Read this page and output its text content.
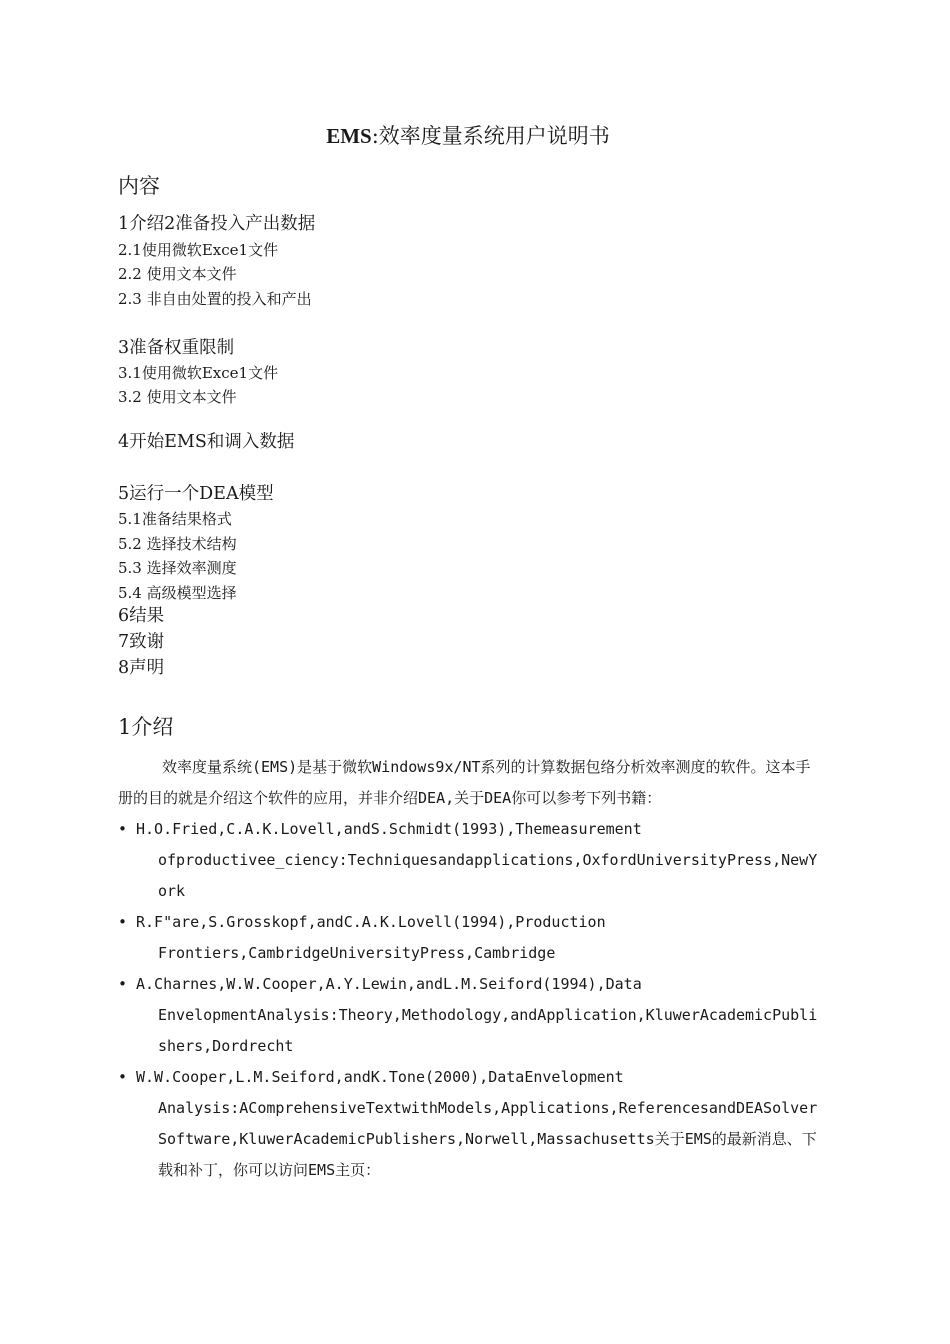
EMS:效率度量系统用户说明书
内容
1介绍2准备投入产出数据
2.1使用微软Exce1文件
2.2 使用文本文件
2.3 非自由处置的投入和产出
3准备权重限制
3.1使用微软Exce1文件
3.2 使用文本文件
4开始EMS和调入数据
5运行一个DEA模型
5.1准备结果格式
5.2 选择技术结构
5.3 选择效率测度
5.4 高级模型选择
6结果
7致谢
8声明
1介绍

效率度量系统(EMS)是基于微软Windows9x/NT系列的计算数据包络分析效率测度的软件。这本手册的目的就是介绍这个软件的应用，并非介绍DEA,关于DEA你可以参考下列书籍：

• H.O.Fried,C.A.K.Lovell,andS.Schmidt(1993),Themeasurement
ofproductivee_ciency:Techniquesandapplications,OxfordUniversityPress,NewYork
• R.F"are,S.Grosskopf,andC.A.K.Lovell(1994),Production
Frontiers,CambridgeUniversityPress,Cambridge
• A.Charnes,W.W.Cooper,A.Y.Lewin,andL.M.Seiford(1994),Data
EnvelopmentAnalysis:Theory,Methodology,andApplication,KluwerAcademicPublishers,Dordrecht
• W.W.Cooper,L.M.Seiford,andK.Tone(2000),DataEnvelopment
Analysis:AComprehensiveTextwithModels,Applications,ReferencesandDEASolverSoftware,KluwerAcademicPublishers,Norwell,Massachusetts关于EMS的最新消息、下载和补丁，你可以访问EMS主页：
